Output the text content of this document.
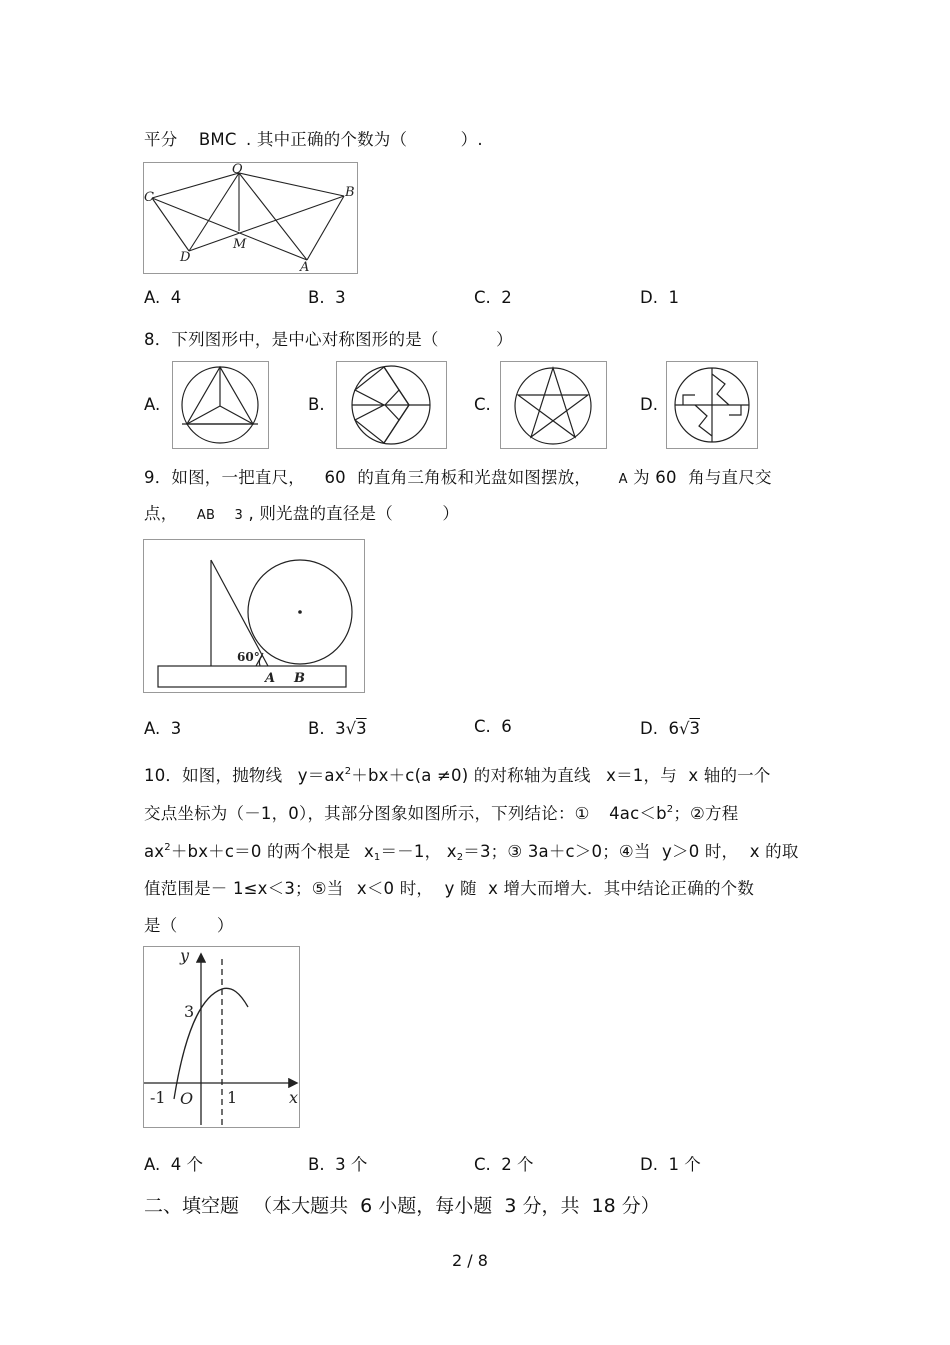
平分 BMC . 其中正确的个数为（	）.
O
C	B
D
M
A
A. 4	B. 3	C. 2	D. 1
8．下列图形中，是中心对称图形的是（	）
A.	B.	C.	D.
9．如图，一把直尺， 60 的直角三角板和光盘如图摆放， A 为 60 角与直尺交
点， AB 3 , 则光盘的直径是（	）
60°
A B
A. 3	B. 3√3	C. 6	D. 6√3
10．如图，抛物线 $y=ax^2+bx+c(a \ne 0)$ 的对称轴为直线 x＝1，与 x 轴的一个
交点坐标为（－1，0），其部分图象如图所示，下列结论：① $4ac<b^2$；②方程
$ax^2+bx+c=0$ 的两个根是 x1＝－1， x2＝3；③ 3a＋c＞0；④当 y＞0 时， x 的取
值范围是－ 1≤x＜3；⑤当 x＜0 时， y 随 x 增大而增大．其中结论正确的个数
是（ ）
y
x
3
-1 O 1
A. 4 个	B. 3 个	C. 2 个	D. 1 个
二、填空题 （本大题共 6 小题，每小题 3 分，共 18 分）
2 / 8
